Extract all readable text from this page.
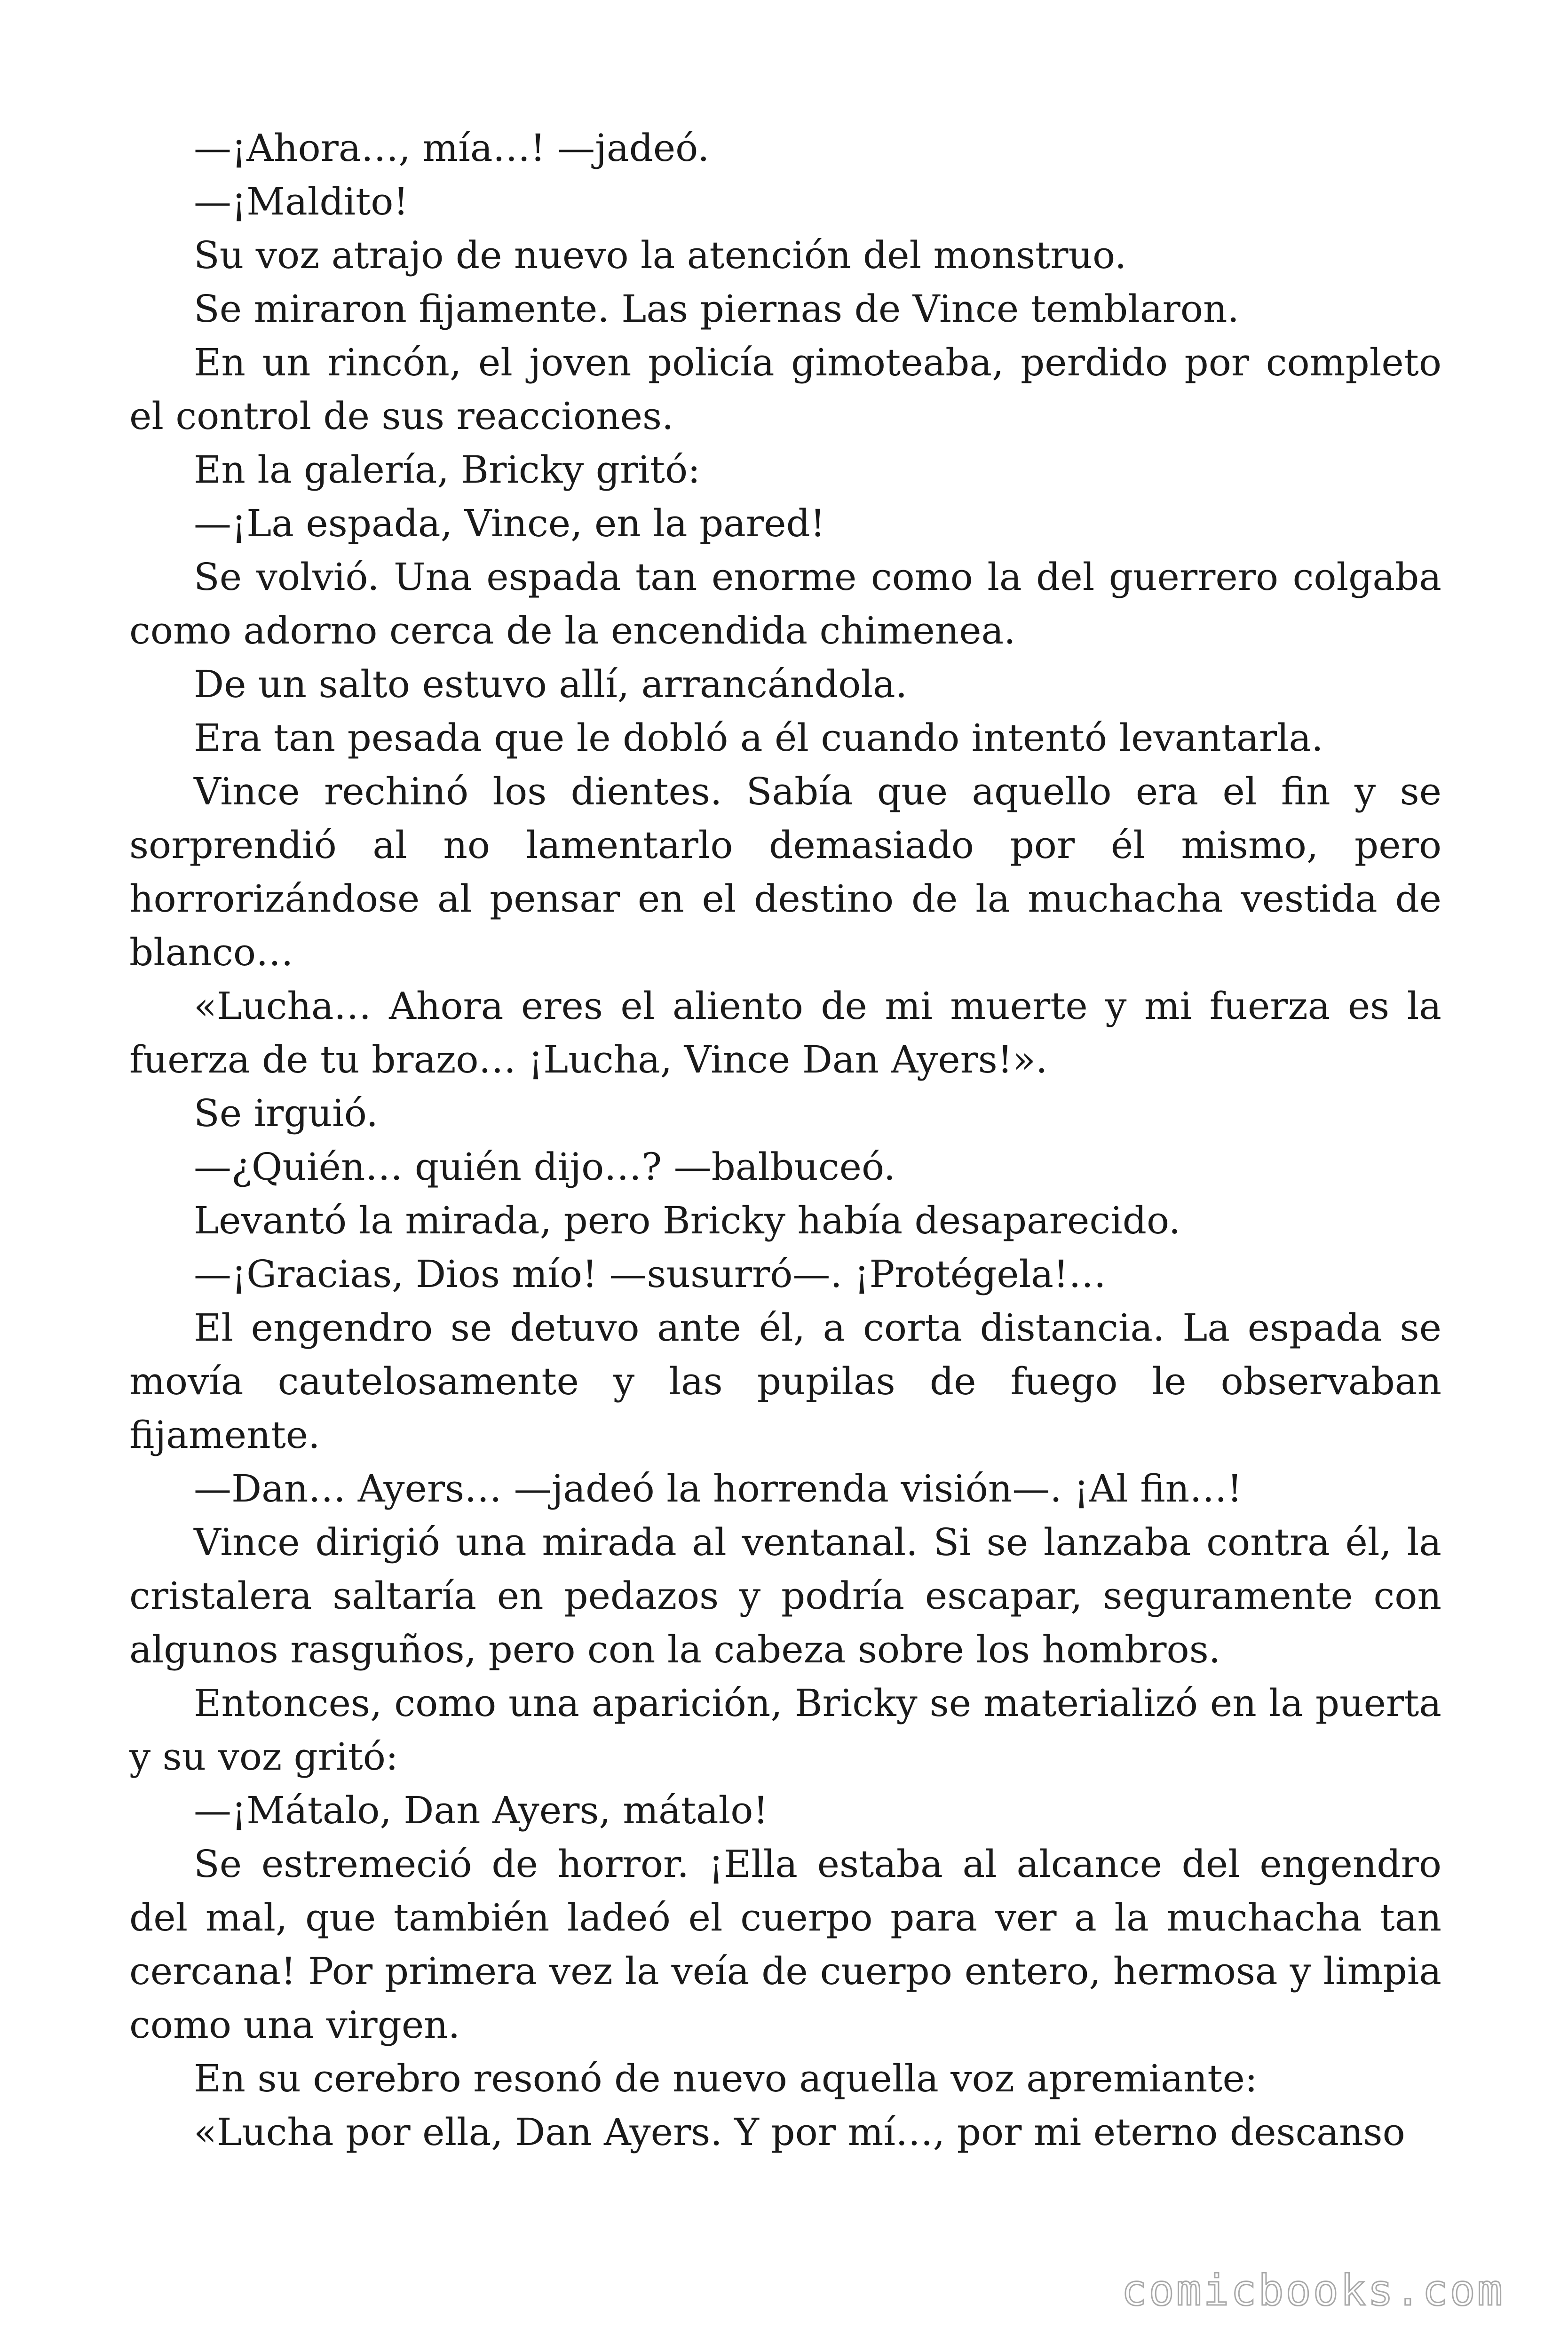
—¡Ahora…, mía…! —jadeó.

—¡Maldito!

Su voz atrajo de nuevo la atención del monstruo.

Se miraron fijamente. Las piernas de Vince temblaron.

En un rincón, el joven policía gimoteaba, perdido por completo el control de sus reacciones.

En la galería, Bricky gritó:

—¡La espada, Vince, en la pared!

Se volvió. Una espada tan enorme como la del guerrero colgaba como adorno cerca de la encendida chimenea.

De un salto estuvo allí, arrancándola.

Era tan pesada que le dobló a él cuando intentó levantarla.

Vince rechinó los dientes. Sabía que aquello era el fin y se sorprendió al no lamentarlo demasiado por él mismo, pero horrorizándose al pensar en el destino de la muchacha vestida de blanco…

«Lucha… Ahora eres el aliento de mi muerte y mi fuerza es la fuerza de tu brazo… ¡Lucha, Vince Dan Ayers!».

Se irguió.

—¿Quién… quién dijo…? —balbuceó.

Levantó la mirada, pero Bricky había desaparecido.

—¡Gracias, Dios mío! —susurró—. ¡Protégela!…

El engendro se detuvo ante él, a corta distancia. La espada se movía cautelosamente y las pupilas de fuego le observaban fijamente.

—Dan… Ayers… —jadeó la horrenda visión—. ¡Al fin…!

Vince dirigió una mirada al ventanal. Si se lanzaba contra él, la cristalera saltaría en pedazos y podría escapar, seguramente con algunos rasguños, pero con la cabeza sobre los hombros.

Entonces, como una aparición, Bricky se materializó en la puerta y su voz gritó:

—¡Mátalo, Dan Ayers, mátalo!

Se estremeció de horror. ¡Ella estaba al alcance del engendro del mal, que también ladeó el cuerpo para ver a la muchacha tan cercana! Por primera vez la veía de cuerpo entero, hermosa y limpia como una virgen.

En su cerebro resonó de nuevo aquella voz apremiante:

«Lucha por ella, Dan Ayers. Y por mí…, por mi eterno descanso

comicbooks.com
